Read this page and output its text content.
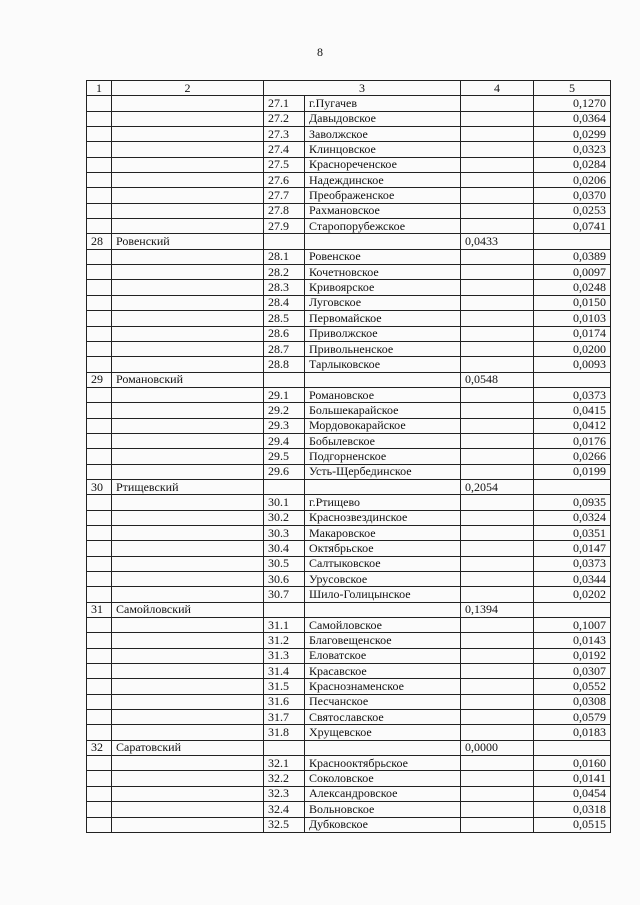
8
1	2	3		4	5
		27.1	г.Пугачев		0,1270
		27.2	Давыдовское		0,0364
		27.3	Заволжское		0,0299
		27.4	Клинцовское		0,0323
		27.5	Краснореченское		0,0284
		27.6	Надеждинское		0,0206
		27.7	Преображенское		0,0370
		27.8	Рахмановское		0,0253
		27.9	Старопорубежское		0,0741
28	Ровенский			0,0433	
		28.1	Ровенское		0,0389
		28.2	Кочетновское		0,0097
		28.3	Кривоярское		0,0248
		28.4	Луговское		0,0150
		28.5	Первомайское		0,0103
		28.6	Приволжское		0,0174
		28.7	Привольненское		0,0200
		28.8	Тарлыковское		0,0093
29	Романовский			0,0548	
		29.1	Романовское		0,0373
		29.2	Большекарайское		0,0415
		29.3	Мордовокарайское		0,0412
		29.4	Бобылевское		0,0176
		29.5	Подгорненское		0,0266
		29.6	Усть-Щербединское		0,0199
30	Ртищевский			0,2054	
		30.1	г.Ртищево		0,0935
		30.2	Краснозвездинское		0,0324
		30.3	Макаровское		0,0351
		30.4	Октябрьское		0,0147
		30.5	Салтыковское		0,0373
		30.6	Урусовское		0,0344
		30.7	Шило-Голицынское		0,0202
31	Самойловский			0,1394	
		31.1	Самойловское		0,1007
		31.2	Благовещенское		0,0143
		31.3	Еловатское		0,0192
		31.4	Красавское		0,0307
		31.5	Краснознаменское		0,0552
		31.6	Песчанское		0,0308
		31.7	Святославское		0,0579
		31.8	Хрущевское		0,0183
32	Саратовский			0,0000	
		32.1	Краснооктябрьское		0,0160
		32.2	Соколовское		0,0141
		32.3	Александровское		0,0454
		32.4	Вольновское		0,0318
		32.5	Дубковское		0,0515
